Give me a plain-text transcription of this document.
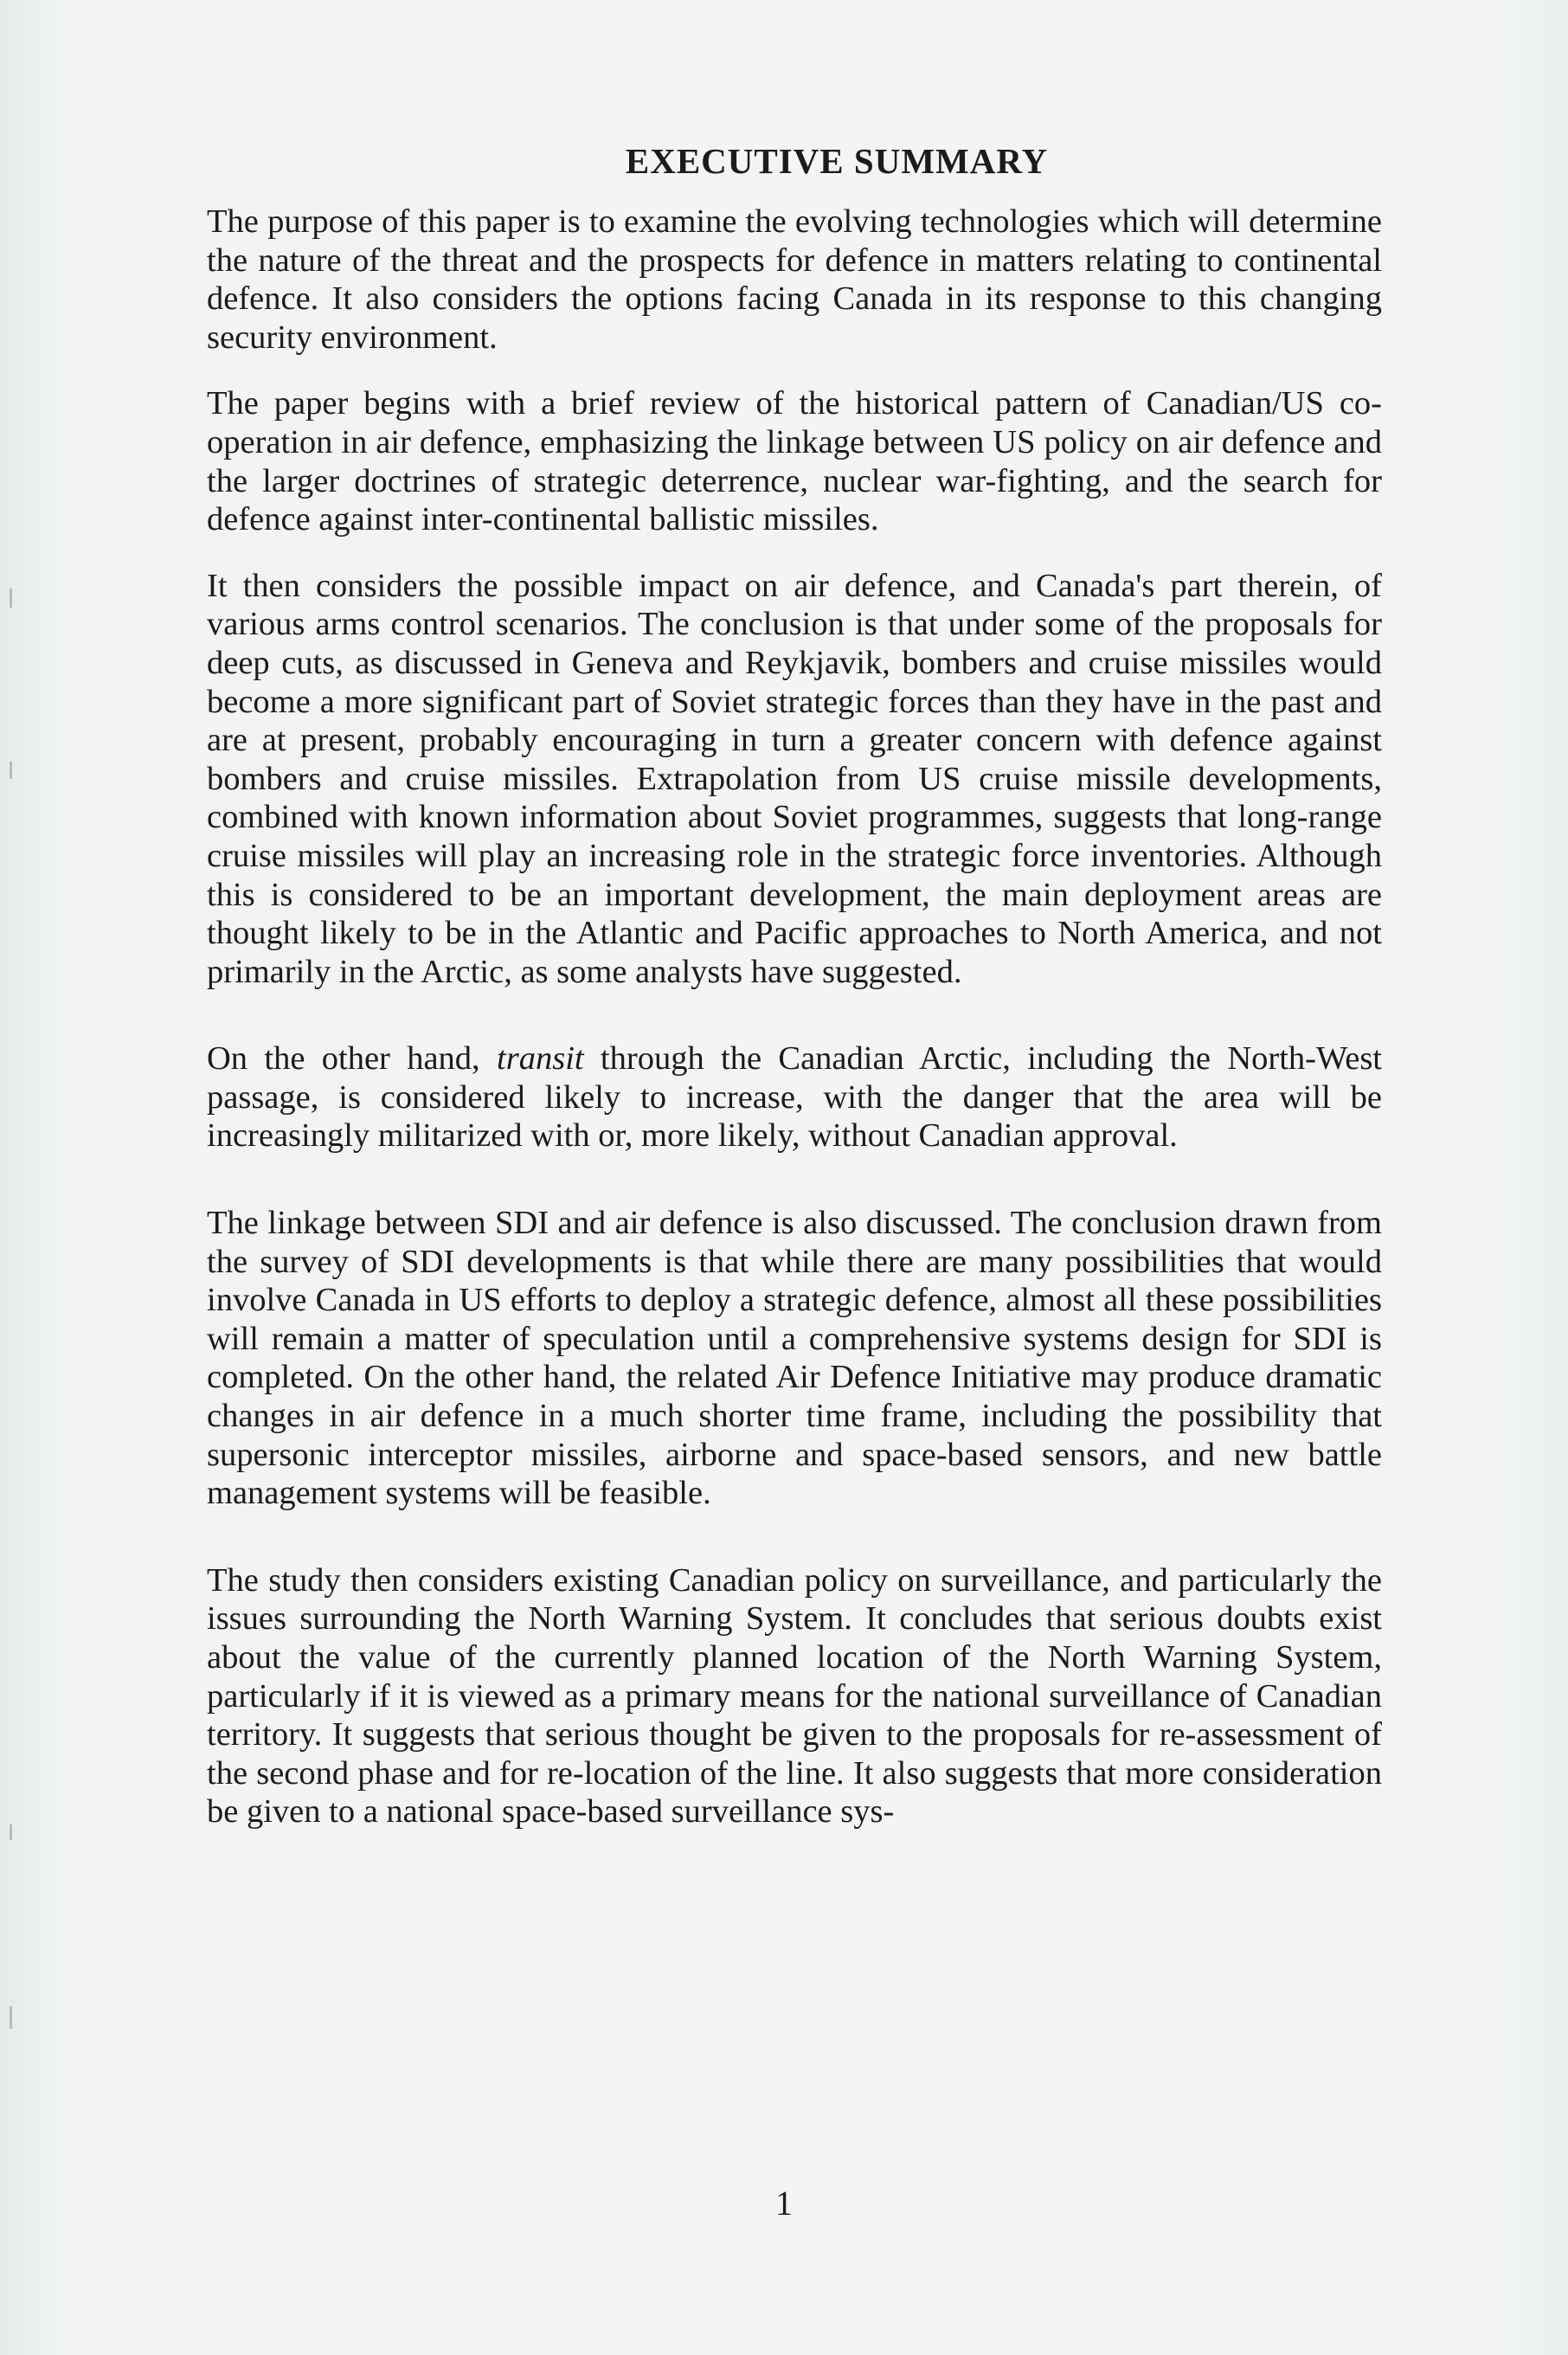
EXECUTIVE SUMMARY

The purpose of this paper is to examine the evolving technologies which will determine the nature of the threat and the prospects for defence in matters relating to continental defence. It also considers the options facing Canada in its response to this changing security environment.

The paper begins with a brief review of the historical pattern of Canadian/US co-operation in air defence, emphasizing the linkage between US policy on air defence and the larger doctrines of strategic deterrence, nuclear war-fighting, and the search for defence against inter-continental ballistic missiles.

It then considers the possible impact on air defence, and Canada's part therein, of various arms control scenarios. The conclusion is that under some of the proposals for deep cuts, as discussed in Geneva and Reykjavik, bombers and cruise missiles would become a more significant part of Soviet strategic forces than they have in the past and are at present, probably encouraging in turn a greater concern with defence against bombers and cruise missiles. Extrapolation from US cruise missile developments, combined with known information about Soviet programmes, suggests that long-range cruise missiles will play an increasing role in the strategic force inventories. Although this is considered to be an important development, the main deployment areas are thought likely to be in the Atlantic and Pacific approaches to North America, and not primarily in the Arctic, as some analysts have suggested.

On the other hand, transit through the Canadian Arctic, including the North-West passage, is considered likely to increase, with the danger that the area will be increasingly militarized with or, more likely, without Canadian approval.

The linkage between SDI and air defence is also discussed. The conclusion drawn from the survey of SDI developments is that while there are many possibilities that would involve Canada in US efforts to deploy a strategic defence, almost all these possibilities will remain a matter of speculation until a comprehensive systems design for SDI is completed. On the other hand, the related Air Defence Initiative may produce dramatic changes in air defence in a much shorter time frame, including the possibility that supersonic interceptor missiles, airborne and space-based sensors, and new battle management systems will be feasible.

The study then considers existing Canadian policy on surveillance, and particularly the issues surrounding the North Warning System. It concludes that serious doubts exist about the value of the currently planned location of the North Warning System, particularly if it is viewed as a primary means for the national surveillance of Canadian territory. It suggests that serious thought be given to the proposals for re-assessment of the second phase and for re-location of the line. It also suggests that more consideration be given to a national space-based surveillance sys-

1
